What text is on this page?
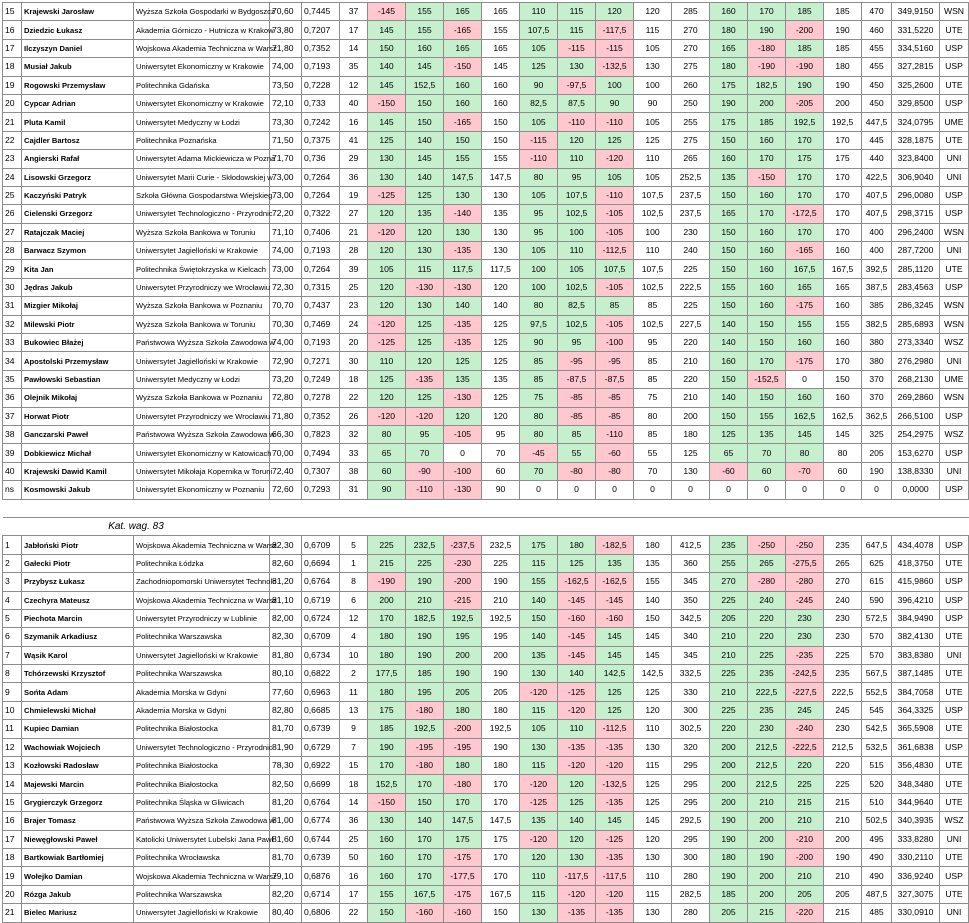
15	Krajewski Jarosław	Wyższa Szkoła Gospodarki w Bydgoszcz	70,60	0,7445	37	-145	155	165	165	110	115	120	120	285	160	170	185	185	470	349,9150	WSN
16	Dziedzic Łukasz	Akademia Górniczo - Hutnicza w Krakow	73,80	0,7207	17	145	155	-165	155	107,5	115	-117,5	115	270	180	190	-200	190	460	331,5220	UTE
17	Ilczyszyn Daniel	Wojskowa Akademia Techniczna w Warsz	71,80	0,7352	14	150	160	165	165	105	-115	-115	105	270	165	-180	185	185	455	334,5160	USP
18	Musiał Jakub	Uniwersytet Ekonomiczny w Krakowie	74,00	0,7193	35	140	145	-150	145	125	130	-132,5	130	275	180	-190	-190	180	455	327,2815	USP
19	Rogowski Przemysław	Politechnika Gdańska	73,50	0,7228	12	145	152,5	160	160	90	-97,5	100	100	260	175	182,5	190	190	450	325,2600	UTE
20	Cypcar Adrian	Uniwersytet Ekonomiczny w Krakowie	72,10	0,733	40	-150	150	160	160	82,5	87,5	90	90	250	190	200	-205	200	450	329,8500	USP
21	Pluta Kamil	Uniwersytet Medyczny w Łodzi	73,30	0,7242	16	145	150	-165	150	105	-110	-110	105	255	175	185	192,5	192,5	447,5	324,0795	UME
22	Cajdler Bartosz	Politechnika Poznańska	71,50	0,7375	41	125	140	150	150	-115	120	125	125	275	150	160	170	170	445	328,1875	UTE
23	Angierski Rafał	Uniwersytet Adama Mickiewicza w Pozna	71,70	0,736	29	130	145	155	155	-110	110	-120	110	265	160	170	175	175	440	323,8400	UNI
24	Lisowski Grzegorz	Uniwersytet Marii Curie - Skłodowskiej w	73,00	0,7264	36	130	140	147,5	147,5	80	95	105	105	252,5	135	-150	170	170	422,5	306,9040	UNI
25	Kaczyński Patryk	Szkoła Główna Gospodarstwa Wiejskieg	73,00	0,7264	19	-125	125	130	130	105	107,5	-110	107,5	237,5	150	160	170	170	407,5	296,0080	USP
26	Cielenski Grzegorz	Uniwersytet Technologiczno - Przyrodnic	72,20	0,7322	27	120	135	-140	135	95	102,5	-105	102,5	237,5	165	170	-172,5	170	407,5	298,3715	USP
27	Ratajczak Maciej	Wyższa Szkoła Bankowa w Toruniu	71,10	0,7406	21	-120	120	130	130	95	100	-105	100	230	150	160	170	170	400	296,2400	WSN
28	Barwacz Szymon	Uniwersytet Jagielloński w Krakowie	74,00	0,7193	28	120	130	-135	130	105	110	-112,5	110	240	150	160	-165	160	400	287,7200	UNI
29	Kita Jan	Politechnika Świętokrzyska w Kielcach	73,00	0,7264	39	105	115	117,5	117,5	100	105	107,5	107,5	225	150	160	167,5	167,5	392,5	285,1120	UTE
30	Jędras Jakub	Uniwersytet Przyrodniczy we Wrocławiu	72,30	0,7315	25	120	-130	-130	120	100	102,5	-105	102,5	222,5	155	160	165	165	387,5	283,4563	USP
31	Mizgier Mikołaj	Wyższa Szkoła Bankowa w Poznaniu	70,70	0,7437	23	120	130	140	140	80	82,5	85	85	225	150	160	-175	160	385	286,3245	WSN
32	Milewski Piotr	Wyższa Szkoła Bankowa w Toruniu	70,30	0,7469	24	-120	125	-135	125	97,5	102,5	-105	102,5	227,5	140	150	155	155	382,5	285,6893	WSN
33	Bukowiec Błażej	Państwowa Wyższa Szkoła Zawodowa w	74,00	0,7193	20	-125	125	-135	125	90	95	-100	95	220	140	150	160	160	380	273,3340	WSZ
34	Apostolski Przemysław	Uniwersytet Jagielloński w Krakowie	72,90	0,7271	30	110	120	125	125	85	-95	-95	85	210	160	170	-175	170	380	276,2980	UNI
35	Pawłowski Sebastian	Uniwersytet Medyczny w Łodzi	73,20	0,7249	18	125	-135	135	135	85	-87,5	-87,5	85	220	150	-152,5	0	150	370	268,2130	UME
36	Olejnik Mikołaj	Wyższa Szkoła Bankowa w Poznaniu	72,80	0,7278	22	120	125	-130	125	75	-85	-85	75	210	140	150	160	160	370	269,2860	WSN
37	Horwat Piotr	Uniwersytet Przyrodniczy we Wrocławiu	71,80	0,7352	26	-120	-120	120	120	80	-85	-85	80	200	150	155	162,5	162,5	362,5	266,5100	USP
38	Ganczarski Paweł	Państwowa Wyższa Szkoła Zawodowa w	66,30	0,7823	32	80	95	-105	95	80	85	-110	85	180	125	135	145	145	325	254,2975	WSZ
39	Dobkiewicz Michał	Uniwersytet Ekonomiczny w Katowicach	70,00	0,7494	33	65	70	0	70	-45	55	-60	55	125	65	70	80	80	205	153,6270	USP
40	Krajewski Dawid Kamil	Uniwersytet Mikołaja Kopernika w Toruni	72,40	0,7307	38	60	-90	-100	60	70	-80	-80	70	130	-60	60	-70	60	190	138,8330	UNI
ns	Kosmowski Jakub	Uniwersytet Ekonomiczny w Poznaniu	72,60	0,7293	31	90	-110	-130	90	0	0	0	0	0	0	0	0	0	0	0,0000	USP

Kat. wag. 83																					
1	Jabłoński Piotr	Wojskowa Akademia Techniczna w Warsz	82,30	0,6709	5	225	232,5	-237,5	232,5	175	180	-182,5	180	412,5	235	-250	-250	235	647,5	434,4078	USP
2	Gałecki Piotr	Politechnika Łódzka	82,60	0,6694	1	215	225	-230	225	115	125	135	135	360	255	265	-275,5	265	625	418,3750	UTE
3	Przybysz Łukasz	Zachodniopomorski Uniwersytet Technolo	81,20	0,6764	8	-190	190	-200	190	155	-162,5	-162,5	155	345	270	-280	-280	270	615	415,9860	USP
4	Czechyra Mateusz	Wojskowa Akademia Techniczna w Warsz	81,10	0,6719	6	200	210	-215	210	140	-145	-145	140	350	225	240	-245	240	590	396,4210	USP
5	Piechota Marcin	Uniwersytet Przyrodniczy w Lublinie	82,00	0,6724	12	170	182,5	192,5	192,5	150	-160	-160	150	342,5	205	220	230	230	572,5	384,9490	USP
6	Szymanik Arkadiusz	Politechnika Warszawska	82,30	0,6709	4	180	190	195	195	140	-145	145	145	340	210	220	230	230	570	382,4130	UTE
7	Wąsik Karol	Uniwersytet Jagielloński w Krakowie	81,80	0,6734	10	180	190	200	200	135	-145	145	145	345	210	225	-235	225	570	383,8380	UNI
8	Tchórzewski Krzysztof	Politechnika Warszawska	80,10	0,6822	2	177,5	185	190	190	130	140	142,5	142,5	332,5	225	235	-242,5	235	567,5	387,1485	UTE
9	Sońta Adam	Akademia Morska w Gdyni	77,60	0,6963	11	180	195	205	205	-120	-125	125	125	330	210	222,5	-227,5	222,5	552,5	384,7058	UTE
10	Chmielewski Michał	Akademia Morska w Gdyni	82,80	0,6685	13	175	-180	180	180	115	-120	125	120	300	225	235	245	245	545	364,3325	USP
11	Kupiec Damian	Politechnika Białostocka	81,70	0,6739	9	185	192,5	-200	192,5	105	110	-112,5	110	302,5	220	230	-240	230	542,5	365,5908	UTE
12	Wachowiak Wojciech	Uniwersytet Technologiczno - Przyrodnic	81,90	0,6729	7	190	-195	-195	190	130	-135	-135	130	320	200	212,5	-222,5	212,5	532,5	361,6838	USP
13	Kozłowski Radosław	Politechnika Białostocka	78,30	0,6922	15	170	-180	180	180	115	-120	-120	115	295	200	212,5	220	220	515	356,4830	UTE
14	Majewski Marcin	Politechnika Białostocka	82,50	0,6699	18	152,5	170	-180	170	-120	120	-132,5	125	295	200	212,5	225	225	520	348,3480	UTE
15	Grygierczyk Grzegorz	Politechnika Śląska w Gliwicach	81,20	0,6764	14	-150	150	170	170	-125	125	-135	125	295	200	210	215	215	510	344,9640	UTE
16	Brajer Tomasz	Państwowa Wyższa Szkoła Zawodowa w	81,00	0,6774	36	130	140	147,5	147,5	135	140	145	145	292,5	190	200	210	210	502,5	340,3935	WSZ
17	Niewęgłowski Paweł	Katolicki Uniwersytet Lubelski Jana Pawł	81,60	0,6744	25	160	170	175	175	-120	120	-125	120	295	190	200	-210	200	495	333,8280	UNI
18	Bartkowiak Bartłomiej	Politechnika Wrocławska	81,70	0,6739	50	160	170	-175	170	120	130	-135	130	300	180	190	-200	190	490	330,2110	UTE
19	Wołejko Damian	Wojskowa Akademia Techniczna w Warsz	79,10	0,6876	16	160	170	-177,5	170	110	-117,5	-117,5	110	280	190	200	210	210	490	336,9240	USP
20	Rózga Jakub	Politechnika Warszawska	82,20	0,6714	17	155	167,5	-175	167,5	115	-120	-120	115	282,5	185	200	205	205	487,5	327,3075	UTE
21	Bielec Mariusz	Uniwersytet Jagielloński w Krakowie	80,40	0,6806	22	150	-160	-160	150	130	-135	-135	130	280	205	215	-220	215	485	330,0910	UNI
